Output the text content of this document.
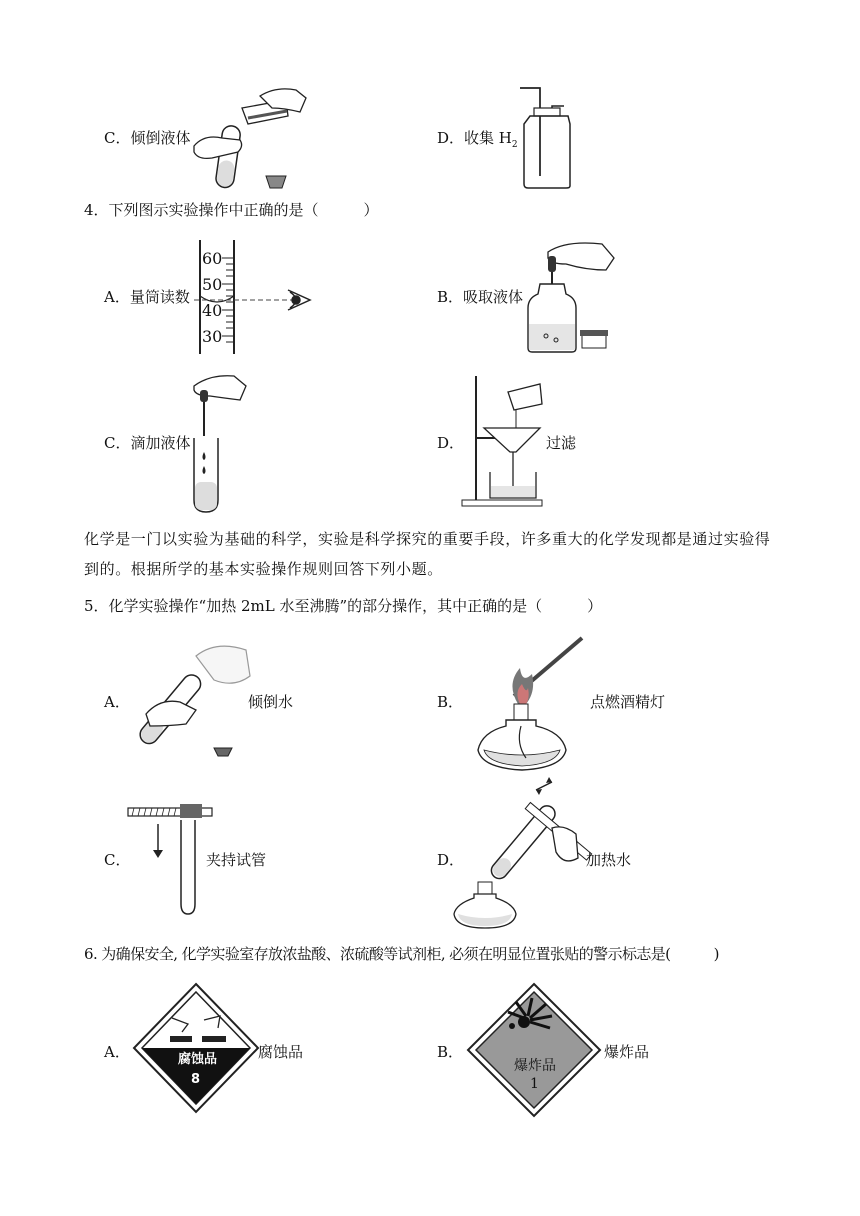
C．倾倒液体	D．收集 $H_2$
4．下列图示实验操作中正确的是（　　　）
A．量筒读数
60
50
40
30
B．吸取液体
C．滴加液体	D．	过滤
化学是一门以实验为基础的科学，实验是科学探究的重要手段，许多重大的化学发现都是通过实验得到的。根据所学的基本实验操作规则回答下列小题。
5．化学实验操作“加热 2mL 水至沸腾”的部分操作，其中正确的是（　　　）
A．	倾倒水	B．	点燃酒精灯
C．	夹持试管	D．	加热水
6. 为确保安全, 化学实验室存放浓盐酸、浓硫酸等试剂柜, 必须在明显位置张贴的警示标志是(　　　)
A．	腐蚀品
8
腐蚀品	B．
爆炸品
1
爆炸品
